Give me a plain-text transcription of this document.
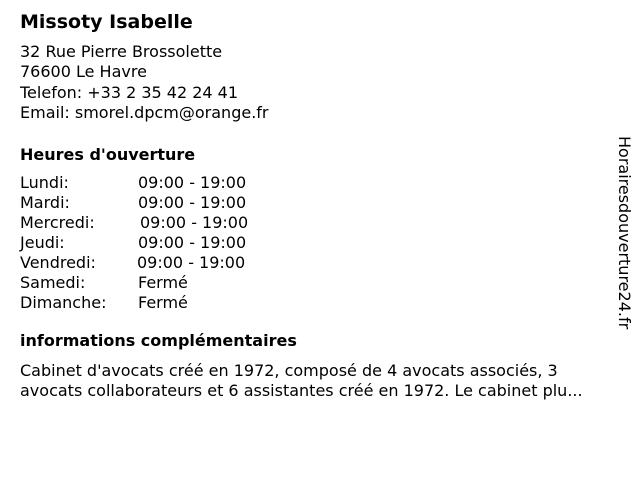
Missoty Isabelle
32 Rue Pierre Brossolette
76600 Le Havre
Telefon: +33 2 35 42 24 41
Email: smorel.dpcm@orange.fr
Heures d'ouverture
Lundi:	09:00 - 19:00
Mardi:	09:00 - 19:00
Mercredi:	09:00 - 19:00
Jeudi:	09:00 - 19:00
Vendredi:	09:00 - 19:00
Samedi:	Fermé
Dimanche: Fermé
informations complémentaires
Cabinet d'avocats créé en 1972, composé de 4 avocats associés, 3
avocats collaborateurs et 6 assistantes créé en 1972. Le cabinet plu...
Horairesdouverture24.fr
